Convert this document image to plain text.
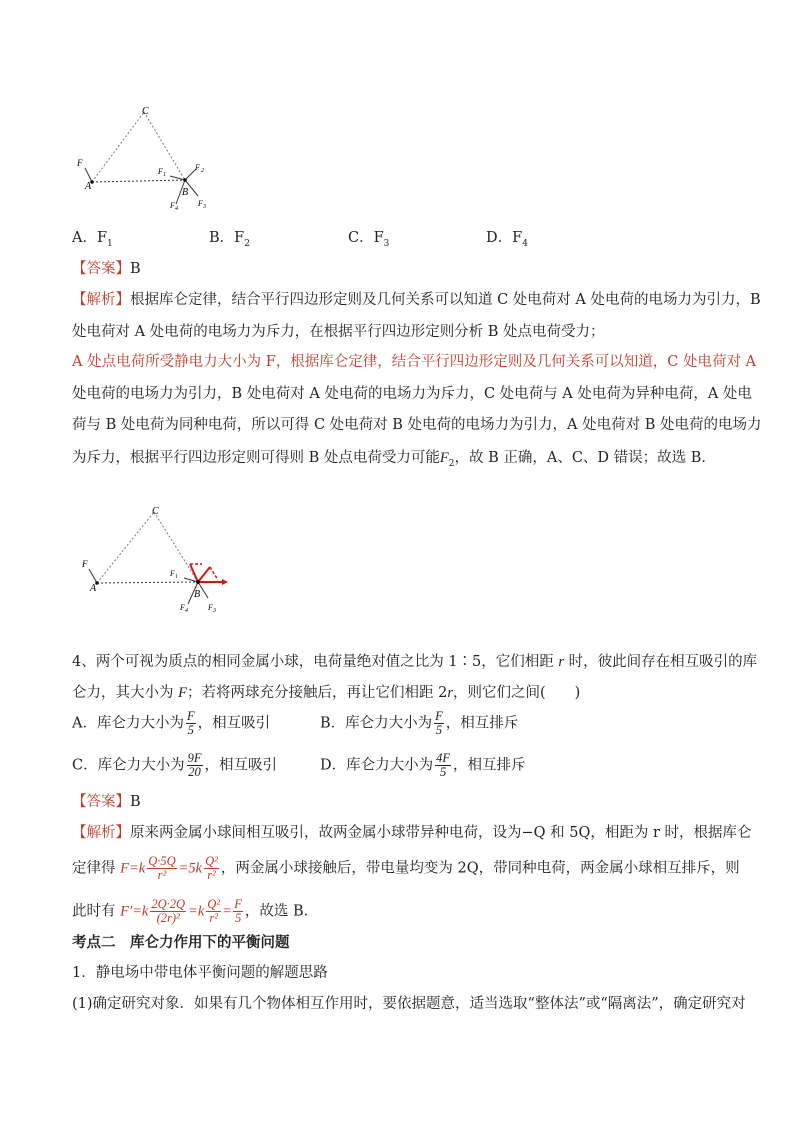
C
A
B
F	F 2
F 1
F 3
F 4
A．$F_1$	B．$F_2$	C．$F_3$	D．$F_4$
【答案】B
【解析】根据库仑定律，结合平行四边形定则及几何关系可以知道 C 处电荷对 A 处电荷的电场力为引力，B
处电荷对 A 处电荷的电场力为斥力，在根据平行四边形定则分析 B 处点电荷受力；
A 处点电荷所受静电力大小为 F，根据库仑定律，结合平行四边形定则及几何关系可以知道，C 处电荷对 A
处电荷的电场力为引力，B 处电荷对 A 处电荷的电场力为斥力，C 处电荷与 A 处电荷为异种电荷，A 处电
荷与 B 处电荷为同种电荷，所以可得 C 处电荷对 B 处电荷的电场力为引力，A 处电荷对 B 处电荷的电场力
为斥力，根据平行四边形定则可得则 B 处点电荷受力可能$F_2$，故 B 正确，A、C、D 错误；故选 B．
C
A
B
F
F 1
F 3
F 4
4、两个可视为质点的相同金属小球，电荷量绝对值之比为 1∶5，它们相距 r 时，彼此间存在相互吸引的库
仑力，其大小为 F；若将两球充分接触后，再让它们相距 2r，则它们之间(　　)
A．库仑力大小为 $\frac{F}{5}$ ，相互吸引	B．库仑力大小为 $\frac{F}{5}$ ，相互排斥
C．库仑力大小为 $\frac{9F}{20}$ ，相互吸引	D．库仑力大小为 $\frac{4F}{5}$ ，相互排斥
【答案】B
【解析】原来两金属小球间相互吸引，故两金属小球带异种电荷，设为−Q 和 5Q，相距为 r 时，根据库仑
定律得 $F=k \frac{Q\cdot 5Q}{\text{r²}} =5k \frac{\text{Q²}}{\text{r²}}$ ，两金属小球接触后，带电量均变为 2Q，带同种电荷，两金属小球相互排斥，则
此时有 $F'=k \frac{2Q\cdot 2Q}{\text{(2r)²}} =k \frac{\text{Q²}}{\text{r²}} = \frac{F}{5}$ ，故选 B.
考点二　库仑力作用下的平衡问题
1．静电场中带电体平衡问题的解题思路
(1)确定研究对象．如果有几个物体相互作用时，要依据题意，适当选取“整体法”或“隔离法”，确定研究对
